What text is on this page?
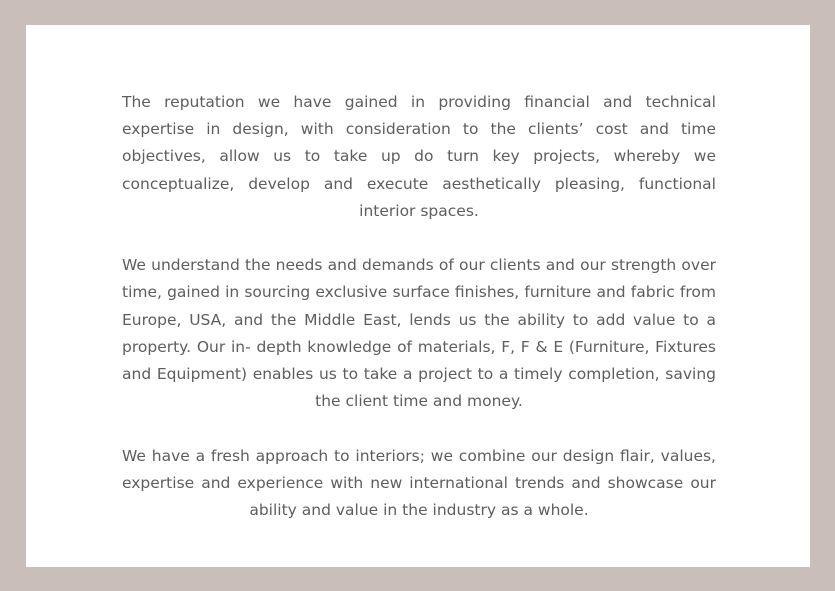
The reputation we have gained in providing financial and technical expertise in design, with consideration to the clients’ cost and time objectives, allow us to take up do turn key projects, whereby we conceptualize, develop and execute aesthetically pleasing, functional interior spaces.

We understand the needs and demands of our clients and our strength over time, gained in sourcing exclusive surface finishes, furniture and fabric from Europe, USA, and the Middle East, lends us the ability to add value to a property. Our in- depth knowledge of materials, F, F & E (Furniture, Fixtures and Equipment) enables us to take a project to a timely completion, saving the client time and money.

We have a fresh approach to interiors; we combine our design flair, values, expertise and experience with new international trends and showcase our ability and value in the industry as a whole.
